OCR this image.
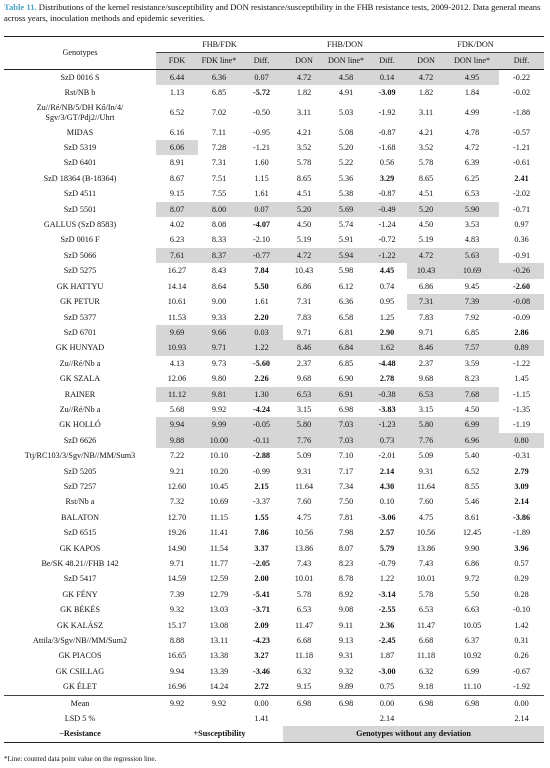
Table 11. Distributions of the kernel resistance/susceptibility and DON resistance/susceptibility in the FHB resistance tests, 2009-2012. Data general means across years, inoculation methods and epidemic severities.
Genotypes	FHB/FDK			FHB/DON			FDK/DON		
	FDK	FDK line*	Diff.	DON	DON line*	Diff.	DON	DON line*	Diff.
SzD 0016 S	6.44	6.36	0.07	4.72	4.58	0.14	4.72	4.95	-0.22
Rst/NB b	1.13	6.85	-5.72	1.82	4.91	-3.09	1.82	1.84	-0.02
Zu//Ré/NB/5/DH Kő/In/4/
Sgv/3/GT/Pdj2//Uhrt	6.52	7.02	-0.50	3.11	5.03	-1.92	3.11	4.99	-1.88
MIDAS	6.16	7.11	-0.95	4.21	5.08	-0.87	4.21	4.78	-0.57
SzD 5319	6.06	7.28	-1.21	3.52	5.20	-1.68	3.52	4.72	-1.21
SzD 6401	8.91	7.31	1.60	5.78	5.22	0.56	5.78	6.39	-0.61
SzD 18364 (B-18364)	8.67	7.51	1.15	8.65	5.36	3.29	8.65	6.25	2.41
SzD 4511	9.15	7.55	1.61	4.51	5.38	-0.87	4.51	6.53	-2.02
SzD 5501	8.07	8.00	0.07	5.20	5.69	-0.49	5.20	5.90	-0.71
GALLUS (SzD 8583)	4.02	8.08	-4.07	4.50	5.74	-1.24	4.50	3.53	0.97
SzD 0016 F	6.23	8.33	-2.10	5.19	5.91	-0.72	5.19	4.83	0.36
SzD 5066	7.61	8.37	-0.77	4.72	5.94	-1.22	4.72	5.63	-0.91
SzD 5275	16.27	8.43	7.84	10.43	5.98	4.45	10.43	10.69	-0.26
GK HATTYU	14.14	8.64	5.50	6.86	6.12	0.74	6.86	9.45	-2.60
GK PETUR	10.61	9.00	1.61	7.31	6.36	0.95	7.31	7.39	-0.08
SzD 5377	11.53	9.33	2.20	7.83	6.58	1.25	7.83	7.92	-0.09
SzD 6701	9.69	9.66	0.03	9.71	6.81	2.90	9.71	6.85	2.86
GK HUNYAD	10.93	9.71	1.22	8.46	6.84	1.62	8.46	7.57	0.89
Zu//Ré/Nb a	4.13	9.73	-5.60	2.37	6.85	-4.48	2.37	3.59	-1.22
GK SZALA	12.06	9.80	2.26	9.68	6.90	2.78	9.68	8.23	1.45
RAINER	11.12	9.81	1.30	6.53	6.91	-0.38	6.53	7.68	-1.15
Zu//Ré/Nb a	5.68	9.92	-4.24	3.15	6.98	-3.83	3.15	4.50	-1.35
GK HOLLÓ	9.94	9.99	-0.05	5.80	7.03	-1.23	5.80	6.99	-1.19
SzD 6626	9.88	10.00	-0.11	7.76	7.03	0.73	7.76	6.96	0.80
Ttj/RC103/3/Sgv/NB//MM/Sum3	7.22	10.10	-2.88	5.09	7.10	-2.01	5.09	5.40	-0.31
SzD 5205	9.21	10.20	-0.99	9.31	7.17	2.14	9.31	6.52	2.79
SzD 7257	12.60	10.45	2.15	11.64	7.34	4.30	11.64	8.55	3.09
Rst/Nb a	7.32	10.69	-3.37	7.60	7.50	0.10	7.60	5.46	2.14
BALATON	12.70	11.15	1.55	4.75	7.81	-3.06	4.75	8.61	-3.86
SzD 6515	19.26	11.41	7.86	10.56	7.98	2.57	10.56	12.45	-1.89
GK KAPOS	14.90	11.54	3.37	13.86	8.07	5.79	13.86	9.90	3.96
Be/SK 48.21//FHB 142	9.71	11.77	-2.05	7.43	8.23	-0.79	7.43	6.86	0.57
SzD 5417	14.59	12.59	2.00	10.01	8.78	1.22	10.01	9.72	0.29
GK FÉNY	7.39	12.79	-5.41	5.78	8.92	-3.14	5.78	5.50	0.28
GK BÉKÉS	9.32	13.03	-3.71	6.53	9.08	-2.55	6.53	6.63	-0.10
GK KALÁSZ	15.17	13.08	2.09	11.47	9.11	2.36	11.47	10.05	1.42
Attila/3/Sgv/NB//MM/Sum2	8.88	13.11	-4.23	6.68	9.13	-2.45	6.68	6.37	0.31
GK PIACOS	16.65	13.38	3.27	11.18	9.31	1.87	11.18	10.92	0.26
GK CSILLAG	9.94	13.39	-3.46	6.32	9.32	-3.00	6.32	6.99	-0.67
GK ÉLET	16.96	14.24	2.72	9.15	9.89	0.75	9.18	11.10	-1.92
Mean	9.92	9.92	0.00	6.98	6.98	0.00	6.98	6.98	0.00
LSD 5 %			1.41			2.14			2.14
−Resistance	+Susceptibility			Genotypes without any deviation					
*Line: counted data point value on the regression line.
